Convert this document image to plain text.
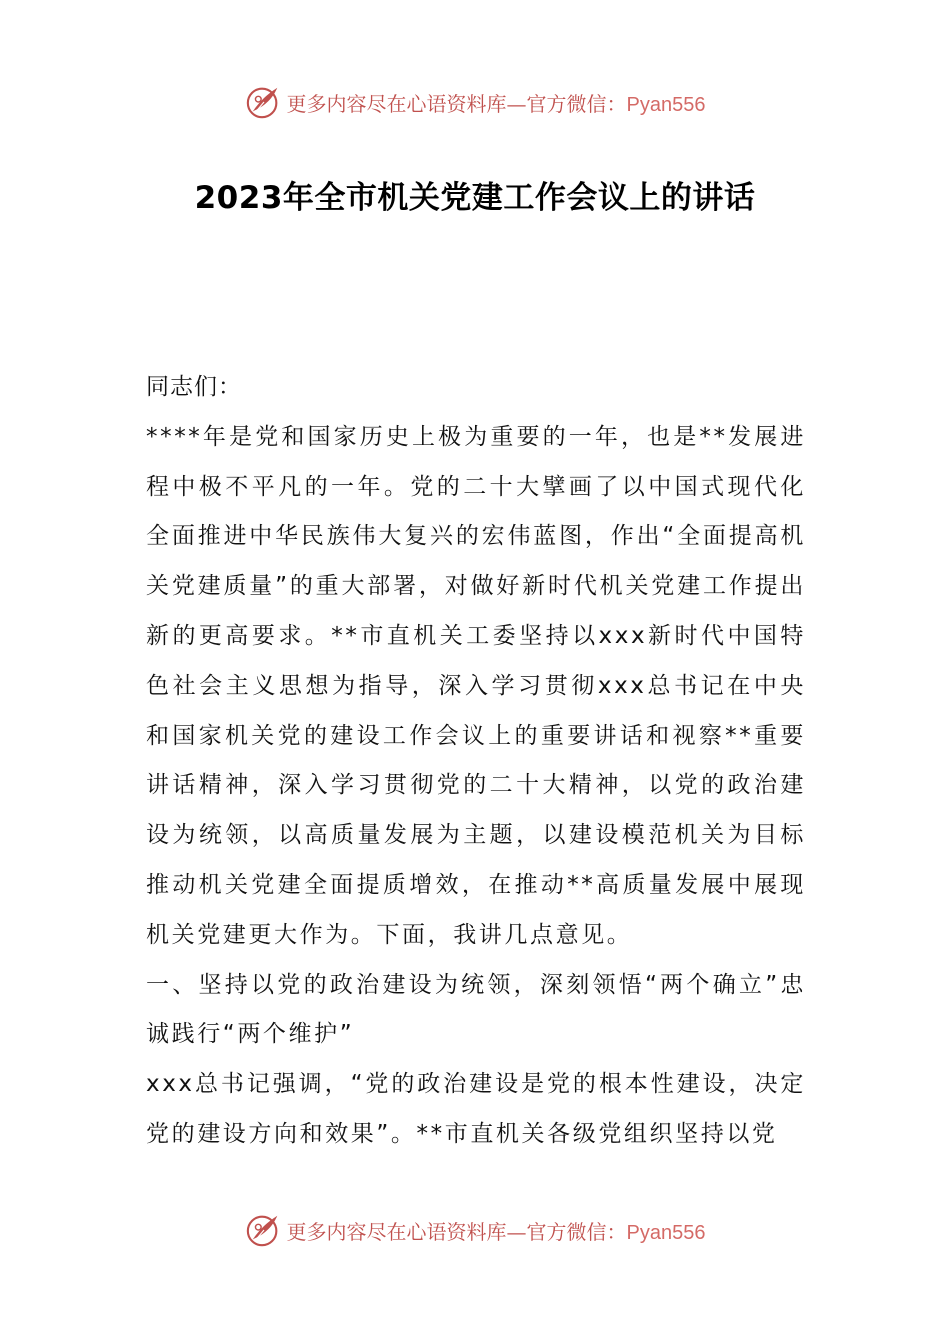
更多内容尽在心语资料库—官方微信：Pyan556
2023年全市机关党建工作会议上的讲话

同志们：

****年是党和国家历史上极为重要的一年，也是**发展进程中极不平凡的一年。党的二十大擘画了以中国式现代化全面推进中华民族伟大复兴的宏伟蓝图，作出“全面提高机关党建质量”的重大部署，对做好新时代机关党建工作提出新的更高要求。**市直机关工委坚持以xxx新时代中国特色社会主义思想为指导，深入学习贯彻xxx总书记在中央和国家机关党的建设工作会议上的重要讲话和视察**重要讲话精神，深入学习贯彻党的二十大精神，以党的政治建设为统领，以高质量发展为主题，以建设模范机关为目标推动机关党建全面提质增效，在推动**高质量发展中展现机关党建更大作为。下面，我讲几点意见。

一、坚持以党的政治建设为统领，深刻领悟“两个确立”忠诚践行“两个维护”

xxx总书记强调，“党的政治建设是党的根本性建设，决定党的建设方向和效果”。**市直机关各级党组织坚持以党

更多内容尽在心语资料库—官方微信：Pyan556
